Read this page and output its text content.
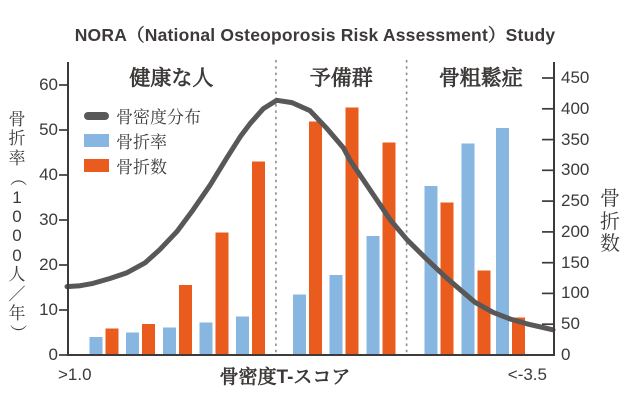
NORA（National Osteoporosis Risk Assessment）Study
骨
折
率
（
1
0
0
0
人
／
年
）
骨
折
数
0
10
20
30
40
50
60
0
50
100
150
200
250
300
350
400
450
健康な人	予備群	骨粗鬆症
骨密度分布
骨折率
骨折数
>1.0	骨密度T-スコア	<-3.5
